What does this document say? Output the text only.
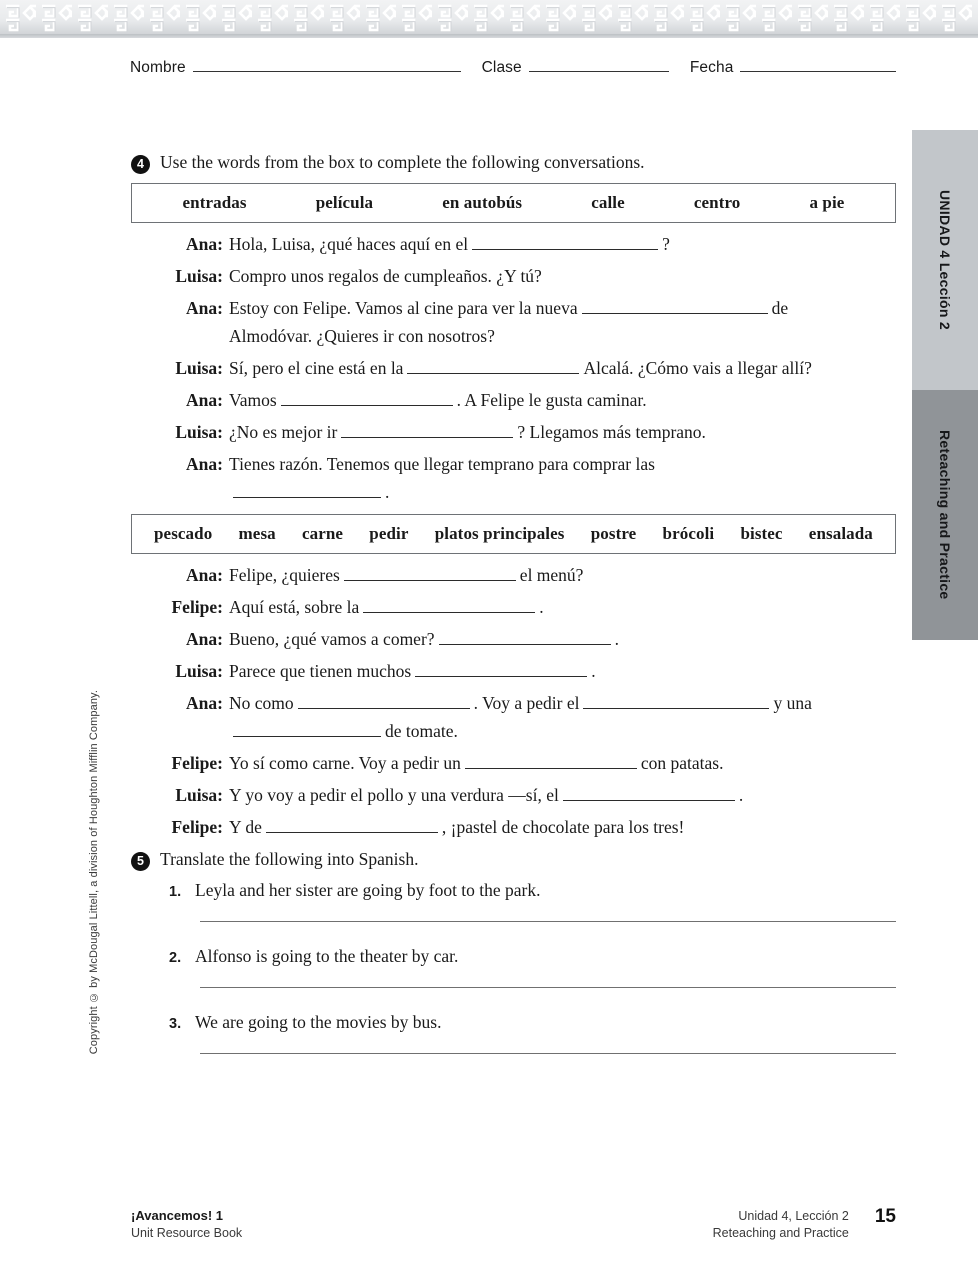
Nombre	Clase	Fecha
UNIDAD 4 Lección 2
Reteaching and Practice
Copyright © by McDougal Littell, a division of Houghton Mifflin Company.
4 Use the words from the box to complete the following conversations.
entradas	película	en autobús	calle	centro	a pie
Ana: Hola, Luisa, ¿qué haces aquí en el	?
Luisa: Compro unos regalos de cumpleaños. ¿Y tú?
Ana: Estoy con Felipe. Vamos al cine para ver la nueva	de
Almodóvar. ¿Quieres ir con nosotros?
Luisa: Sí, pero el cine está en la	Alcalá. ¿Cómo vais a llegar allí?
Ana: Vamos	. A Felipe le gusta caminar.
Luisa: ¿No es mejor ir	? Llegamos más temprano.
Ana: Tienes razón. Tenemos que llegar temprano para comprar las
.
pescado mesa carne pedir platos principales postre brócoli bistec ensalada
Ana: Felipe, ¿quieres	el menú?
Felipe: Aquí está, sobre la	.
Ana: Bueno, ¿qué vamos a comer?	.
Luisa: Parece que tienen muchos	.
Ana: No como	. Voy a pedir el	y una
de tomate.
Felipe: Yo sí como carne. Voy a pedir un	con patatas.
Luisa: Y yo voy a pedir el pollo y una verdura —sí, el	.
Felipe: Y de	, ¡pastel de chocolate para los tres!
5 Translate the following into Spanish.
1. Leyla and her sister are going by foot to the park.
2. Alfonso is going to the theater by car.
3. We are going to the movies by bus.
¡Avancemos! 1
Unit Resource Book
Unidad 4, Lección 2
Reteaching and Practice
15
